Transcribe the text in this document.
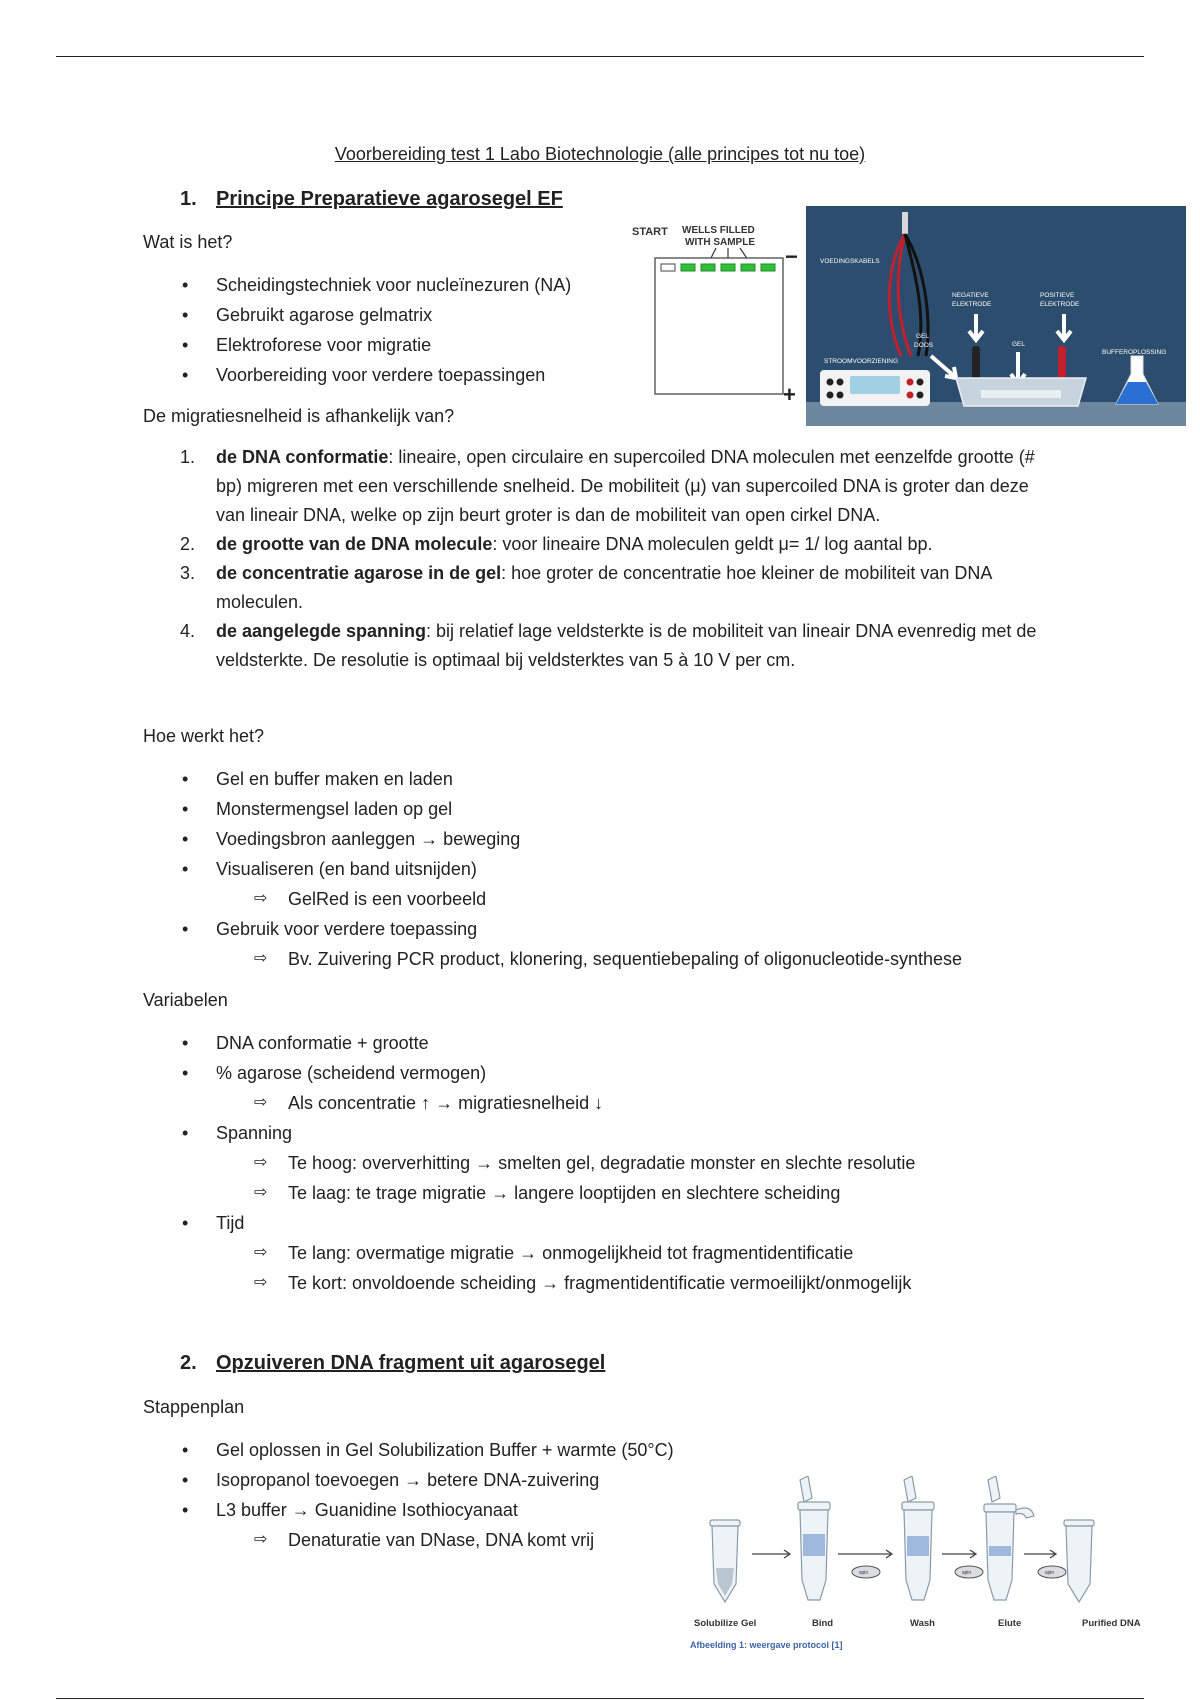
Voorbereiding test 1 Labo Biotechnologie (alle principes tot nu toe)
1. Principe Preparatieve agarosegel EF
Wat is het?
• Scheidingstechniek voor nucleïnezuren (NA)
• Gebruikt agarose gelmatrix
• Elektroforese voor migratie
• Voorbereiding voor verdere toepassingen
START WELLS FILLED
WITH SAMPLE
−
+
VOEDINGSKABELS
NEGATIEVE
ELEKTRODE
POSITIEVE
ELEKTRODE
GEL
DOOS	GEL
STROOMVOORZIENING
BUFFEROPLOSSING
De migratiesnelheid is afhankelijk van?
1. de DNA conformatie: lineaire, open circulaire en supercoiled DNA moleculen met eenzelfde grootte (# bp) migreren met een verschillende snelheid. De mobiliteit (μ) van supercoiled DNA is groter dan deze van lineair DNA, welke op zijn beurt groter is dan de mobiliteit van open cirkel DNA.
2. de grootte van de DNA molecule: voor lineaire DNA moleculen geldt μ= 1/ log aantal bp.
3. de concentratie agarose in de gel: hoe groter de concentratie hoe kleiner de mobiliteit van DNA moleculen.
4. de aangelegde spanning: bij relatief lage veldsterkte is de mobiliteit van lineair DNA evenredig met de veldsterkte. De resolutie is optimaal bij veldsterktes van 5 à 10 V per cm.
Hoe werkt het?
• Gel en buffer maken en laden
• Monstermengsel laden op gel
• Voedingsbron aanleggen → beweging
• Visualiseren (en band uitsnijden)
⇨ GelRed is een voorbeeld
• Gebruik voor verdere toepassing
⇨ Bv. Zuivering PCR product, klonering, sequentiebepaling of oligonucleotide-synthese
Variabelen
• DNA conformatie + grootte
• % agarose (scheidend vermogen)
⇨ Als concentratie ↑ → migratiesnelheid ↓
• Spanning
⇨ Te hoog: oververhitting → smelten gel, degradatie monster en slechte resolutie
⇨ Te laag: te trage migratie → langere looptijden en slechtere scheiding
• Tijd
⇨ Te lang: overmatige migratie → onmogelijkheid tot fragmentidentificatie
⇨ Te kort: onvoldoende scheiding → fragmentidentificatie vermoeilijkt/onmogelijk
2. Opzuiveren DNA fragment uit agarosegel
Stappenplan
• Gel oplossen in Gel Solubilization Buffer + warmte (50°C)
• Isopropanol toevoegen → betere DNA-zuivering
• L3 buffer → Guanidine Isothiocyanaat
⇨ Denaturatie van DNase, DNA komt vrij
spin	spin	spin
Solubilize Gel	Bind	Wash	Elute	Purified DNA
Afbeelding 1: weergave protocol [1]
